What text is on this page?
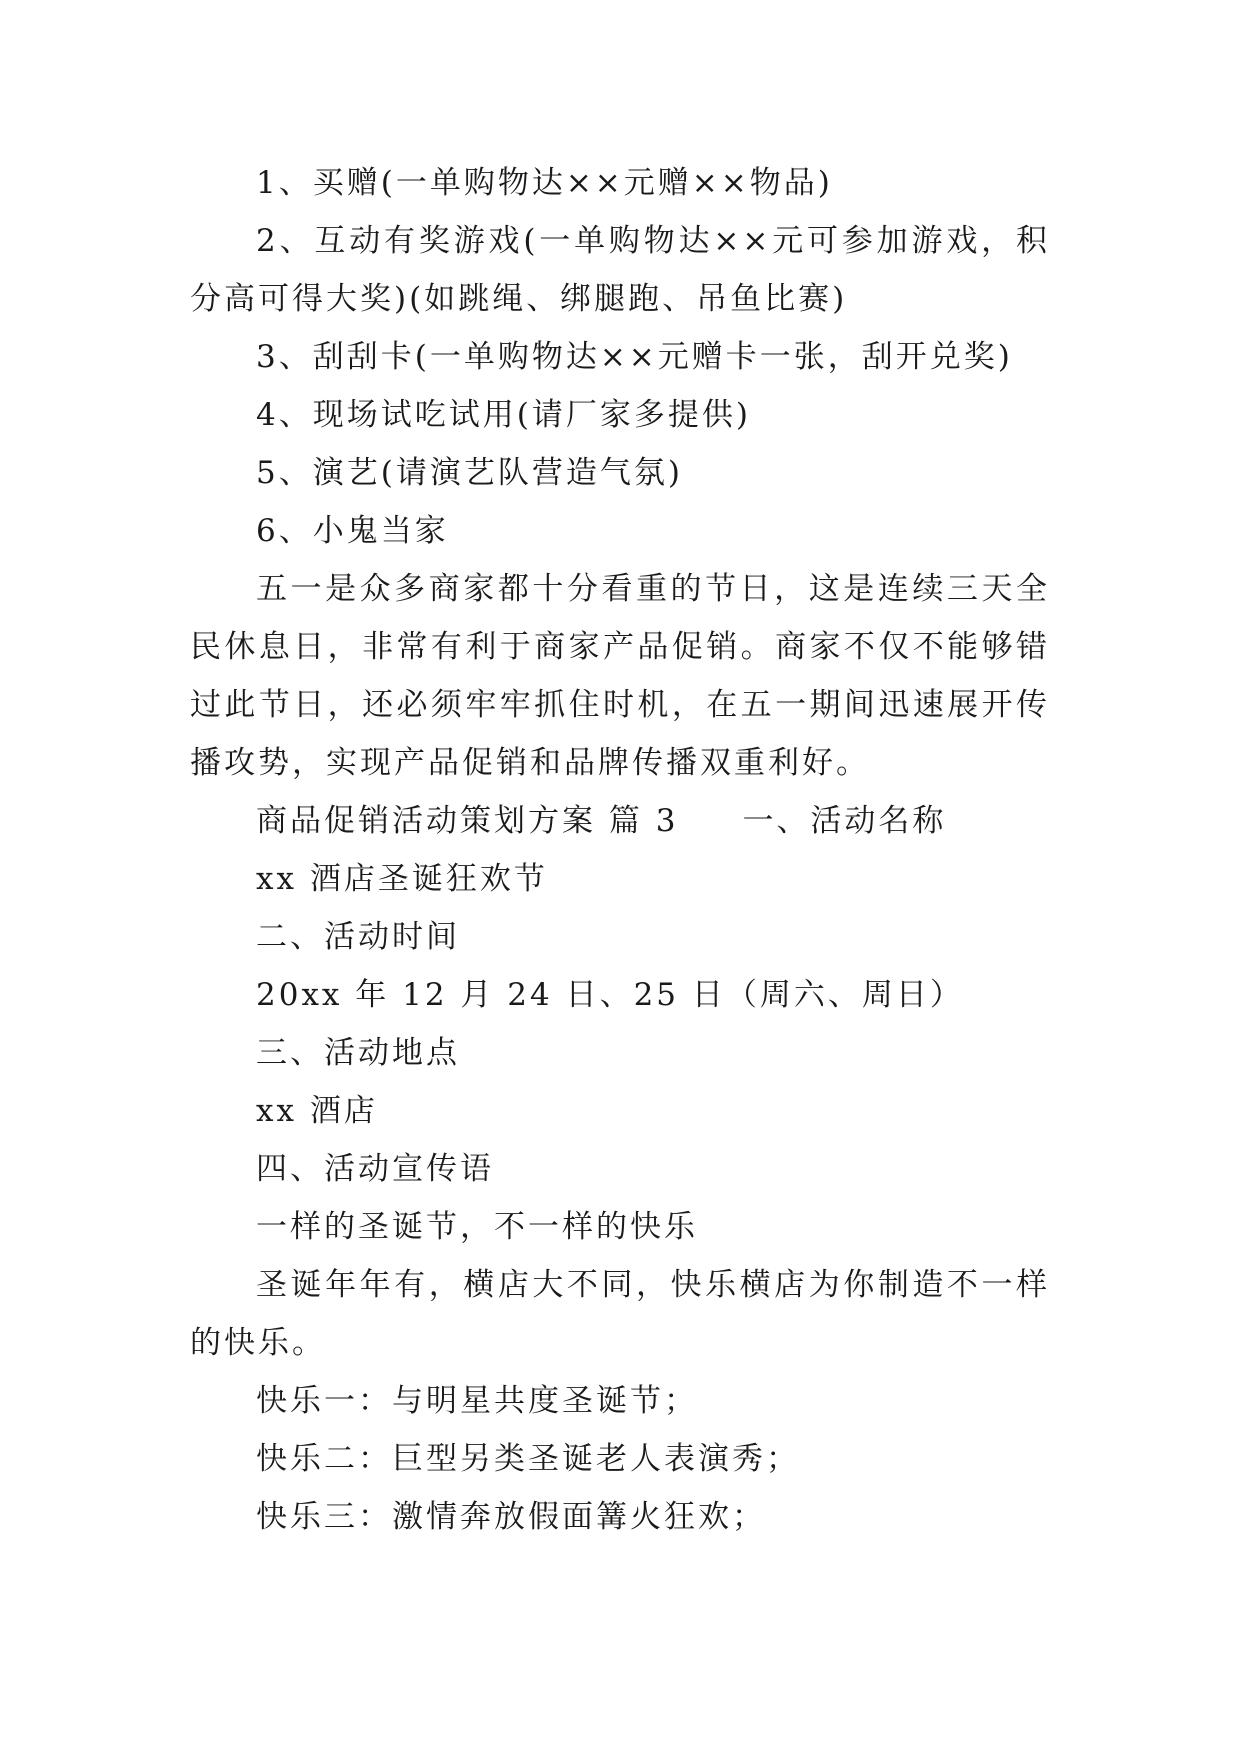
1、买赠(一单购物达××元赠××物品)

2、互动有奖游戏(一单购物达××元可参加游戏，积分高可得大奖)(如跳绳、绑腿跑、吊鱼比赛)

3、刮刮卡(一单购物达××元赠卡一张，刮开兑奖)

4、现场试吃试用(请厂家多提供)

5、演艺(请演艺队营造气氛)

6、小鬼当家

五一是众多商家都十分看重的节日，这是连续三天全民休息日，非常有利于商家产品促销。商家不仅不能够错过此节日，还必须牢牢抓住时机，在五一期间迅速展开传播攻势，实现产品促销和品牌传播双重利好。

商品促销活动策划方案 篇 3 一、活动名称

xx 酒店圣诞狂欢节

二、活动时间

20xx 年 12 月 24 日、25 日（周六、周日）

三、活动地点

xx 酒店

四、活动宣传语

一样的圣诞节，不一样的快乐

圣诞年年有，横店大不同，快乐横店为你制造不一样的快乐。

快乐一：与明星共度圣诞节；

快乐二：巨型另类圣诞老人表演秀；

快乐三：激情奔放假面篝火狂欢；
